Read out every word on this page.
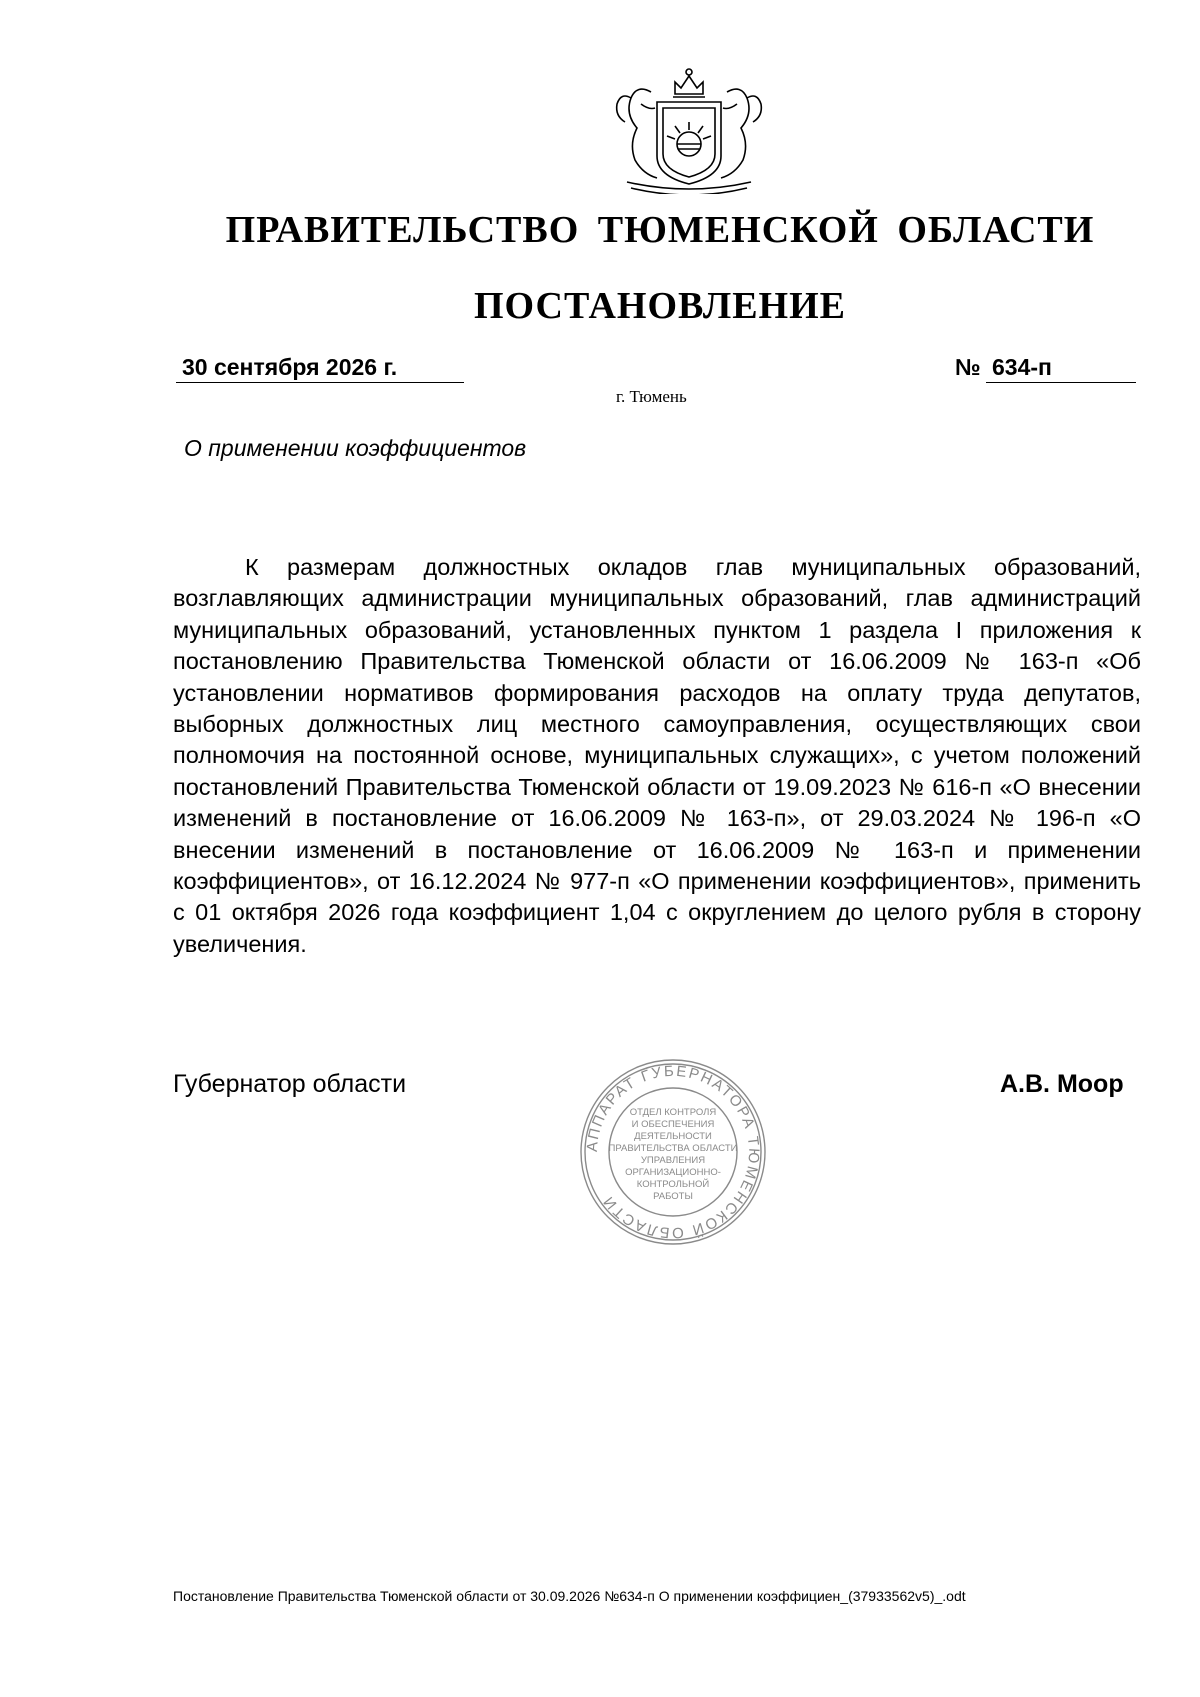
ПРАВИТЕЛЬСТВО ТЮМЕНСКОЙ ОБЛАСТИ
ПОСТАНОВЛЕНИЕ
30 сентября 2026 г.	№ 634-п
г. Тюмень
О применении коэффициентов

К размерам должностных окладов глав муниципальных образований, возглавляющих администрации муниципальных образований, глав администраций муниципальных образований, установленных пунктом 1 раздела I приложения к постановлению Правительства Тюменской области от 16.06.2009 № 163-п «Об установлении нормативов формирования расходов на оплату труда депутатов, выборных должностных лиц местного самоуправления, осуществляющих свои полномочия на постоянной основе, муниципальных служащих», с учетом положений постановлений Правительства Тюменской области от 19.09.2023 № 616-п «О внесении изменений в постановление от 16.06.2009 № 163-п», от 29.03.2024 № 196-п «О внесении изменений в постановление от 16.06.2009 № 163-п и применении коэффициентов», от 16.12.2024 № 977-п «О применении коэффициентов», применить с 01 октября 2026 года коэффициент 1,04 с округлением до целого рубля в сторону увеличения.

Губернатор области	А.В. Моор
АППАРАТ ГУБЕРНАТОРА ТЮМЕНСКОЙ ОБЛАСТИ
ОТДЕЛ КОНТРОЛЯ
И ОБЕСПЕЧЕНИЯ
ДЕЯТЕЛЬНОСТИ
ПРАВИТЕЛЬСТВА ОБЛАСТИ
УПРАВЛЕНИЯ
ОРГАНИЗАЦИОННО-
КОНТРОЛЬНОЙ
РАБОТЫ
Постановление Правительства Тюменской области от 30.09.2026 №634-п О применении коэффициен_(37933562v5)_.odt
